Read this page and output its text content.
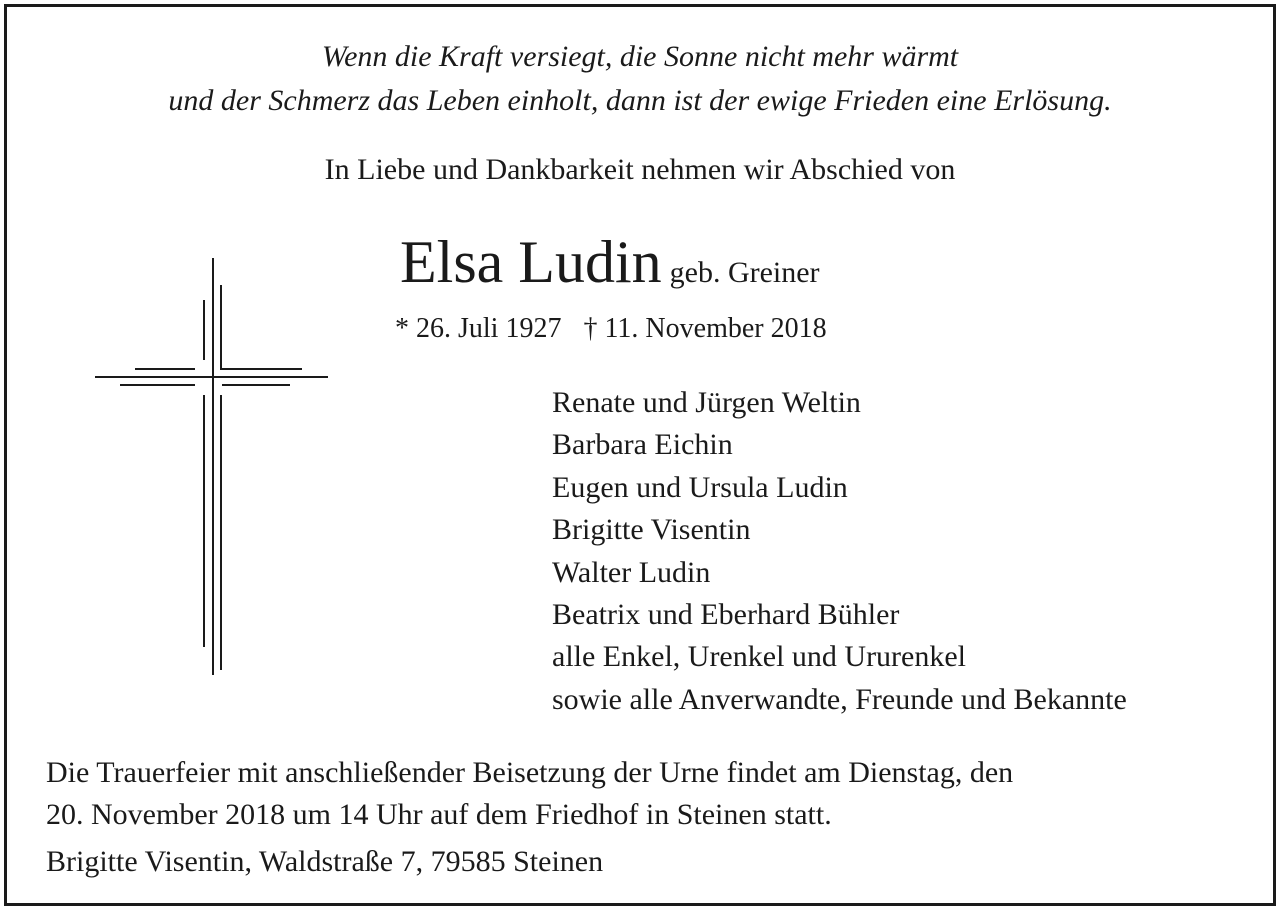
Wenn die Kraft versiegt, die Sonne nicht mehr wärmt
und der Schmerz das Leben einholt, dann ist der ewige Frieden eine Erlösung.

In Liebe und Dankbarkeit nehmen wir Abschied von
Elsa Ludin geb. Greiner
* 26. Juli 1927 † 11. November 2018
Renate und Jürgen Weltin
Barbara Eichin
Eugen und Ursula Ludin
Brigitte Visentin
Walter Ludin
Beatrix und Eberhard Bühler
alle Enkel, Urenkel und Ururenkel
sowie alle Anverwandte, Freunde und Bekannte
Die Trauerfeier mit anschließender Beisetzung der Urne findet am Dienstag, den
20. November 2018 um 14 Uhr auf dem Friedhof in Steinen statt.
Brigitte Visentin, Waldstraße 7, 79585 Steinen
